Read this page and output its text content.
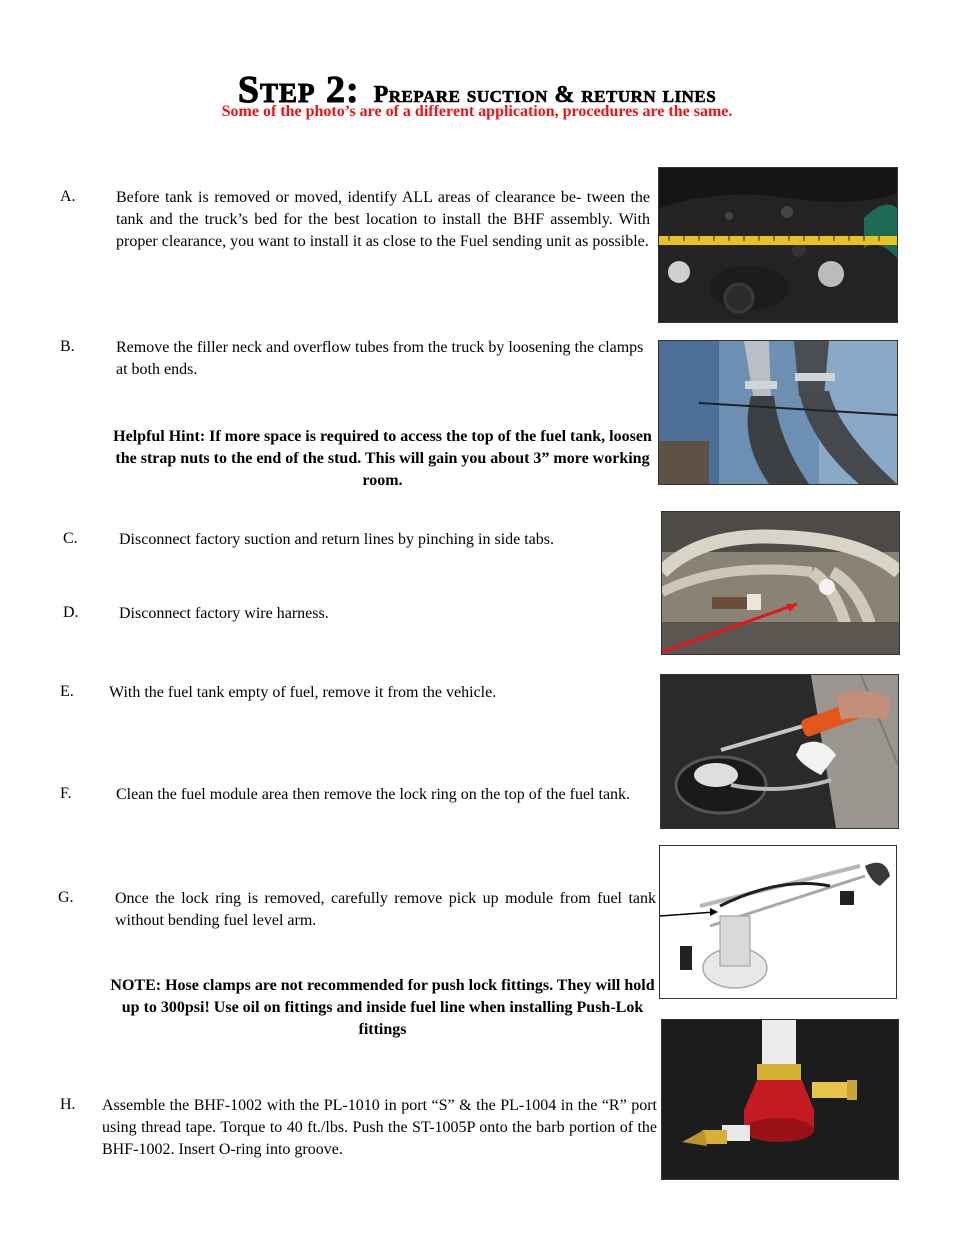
Step 2: Prepare suction & return lines
Some of the photo’s are of a different application, procedures are the same.
A.	Before tank is removed or moved, identify ALL areas of clearance be- tween the tank and the truck’s bed for the best location to install the BHF assembly. With proper clearance, you want to install it as close to the Fuel sending unit as possible.
B.	Remove the filler neck and overflow tubes from the truck by loosening the clamps at both ends.
Helpful Hint: If more space is required to access the top of the fuel tank, loosen the strap nuts to the end of the stud. This will gain you about 3” more working room.
C.	Disconnect factory suction and return lines by pinching in side tabs.
D.	Disconnect factory wire harness.
E. With the fuel tank empty of fuel, remove it from the vehicle.
F.	Clean the fuel module area then remove the lock ring on the top of the fuel tank.
G.	Once the lock ring is removed, carefully remove pick up module from fuel tank without bending fuel level arm.
NOTE: Hose clamps are not recommended for push lock fittings. They will hold up to 300psi! Use oil on fittings and inside fuel line when installing Push-Lok fittings
H. Assemble the BHF-1002 with the PL-1010 in port “S” & the PL-1004 in the “R” port using thread tape. Torque to 40 ft./lbs. Push the ST-1005P onto the barb portion of the BHF-1002. Insert O-ring into groove.
